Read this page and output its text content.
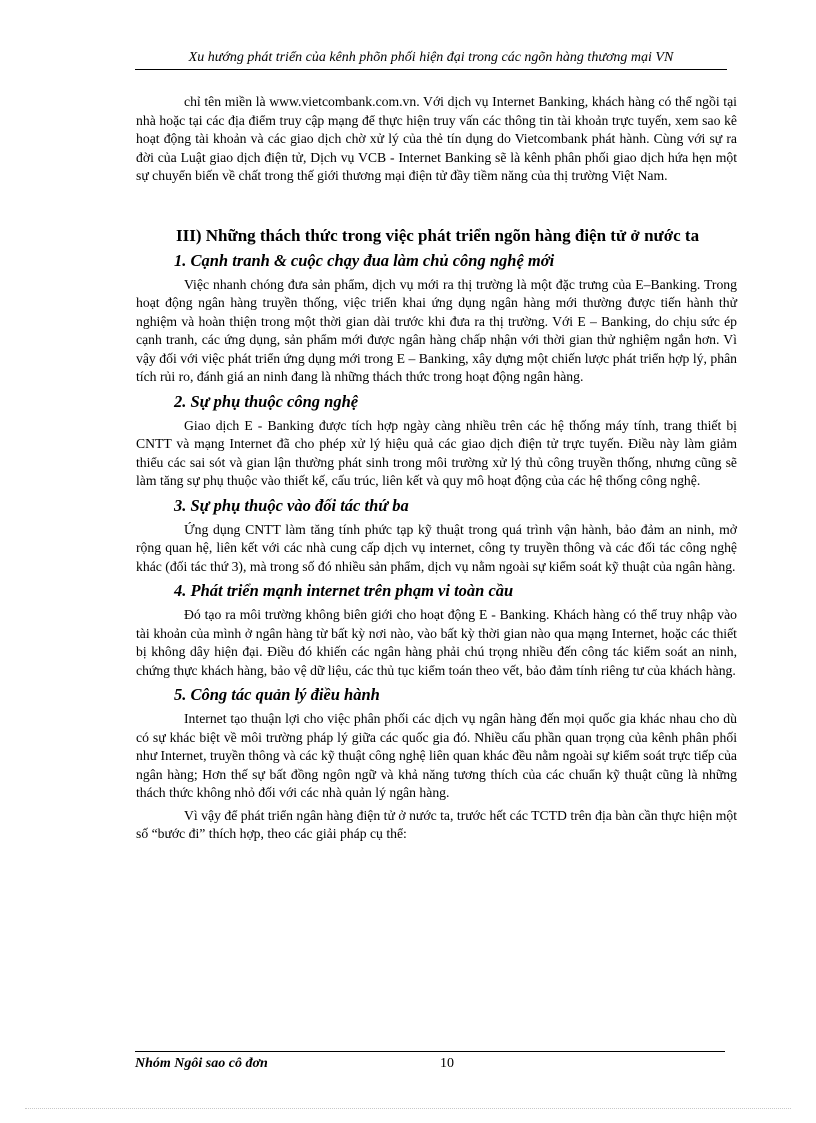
Xu hướng phát triển của kênh phõn phối hiện đại trong các ngõn hàng thương mại VN

chỉ tên miền là www.vietcombank.com.vn. Với dịch vụ Internet Banking, khách hàng có thể ngồi tại nhà hoặc tại các địa điểm truy cập mạng để thực hiện truy vấn các thông tin tài khoản trực tuyến, xem sao kê hoạt động tài khoản và các giao dịch chờ xử lý của thẻ tín dụng do Vietcombank phát hành. Cùng với sự ra đời của Luật giao dịch điện tử, Dịch vụ VCB - Internet Banking sẽ là kênh phân phối giao dịch hứa hẹn một sự chuyển biến về chất trong thế giới thương mại điện tử đầy tiềm năng của thị trường Việt Nam.

III) Những thách thức trong việc phát triển ngõn hàng điện tử ở nước ta
1. Cạnh tranh & cuộc chạy đua làm chủ công nghệ mới

Việc nhanh chóng đưa sản phẩm, dịch vụ mới ra thị trường là một đặc trưng của E–Banking. Trong hoạt động ngân hàng truyền thống, việc triển khai ứng dụng ngân hàng mới thường được tiến hành thử nghiệm và hoàn thiện trong một thời gian dài trước khi đưa ra thị trường. Với E – Banking, do chịu sức ép cạnh tranh, các ứng dụng, sản phẩm mới được ngân hàng chấp nhận với thời gian thử nghiệm ngắn hơn. Vì vậy đối với việc phát triển ứng dụng mới trong E – Banking, xây dựng một chiến lược phát triển hợp lý, phân tích rủi ro, đánh giá an ninh đang là những thách thức trong hoạt động ngân hàng.

2. Sự phụ thuộc công nghệ

Giao dịch E - Banking được tích hợp ngày càng nhiều trên các hệ thống máy tính, trang thiết bị CNTT và mạng Internet đã cho phép xử lý hiệu quả các giao dịch điện tử trực tuyến. Điều này làm giảm thiểu các sai sót và gian lận thường phát sinh trong môi trường xử lý thủ công truyền thống, nhưng cũng sẽ làm tăng sự phụ thuộc vào thiết kế, cấu trúc, liên kết và quy mô hoạt động của các hệ thống công nghệ.

3. Sự phụ thuộc vào đối tác thứ ba

Ứng dụng CNTT làm tăng tính phức tạp kỹ thuật trong quá trình vận hành, bảo đảm an ninh, mở rộng quan hệ, liên kết với các nhà cung cấp dịch vụ internet, công ty truyền thông và các đối tác công nghệ khác (đối tác thứ 3), mà trong số đó nhiều sản phẩm, dịch vụ nằm ngoài sự kiểm soát kỹ thuật của ngân hàng.

4. Phát triển mạnh internet trên phạm vi toàn cầu

Đó tạo ra môi trường không biên giới cho hoạt động E - Banking. Khách hàng có thể truy nhập vào tài khoản của mình ở ngân hàng từ bất kỳ nơi nào, vào bất kỳ thời gian nào qua mạng Internet, hoặc các thiết bị không dây hiện đại. Điều đó khiến các ngân hàng phải chú trọng nhiều đến công tác kiểm soát an ninh, chứng thực khách hàng, bảo vệ dữ liệu, các thủ tục kiểm toán theo vết, bảo đảm tính riêng tư của khách hàng.

5. Công tác quản lý điều hành

Internet tạo thuận lợi cho việc phân phối các dịch vụ ngân hàng đến mọi quốc gia khác nhau cho dù có sự khác biệt về môi trường pháp lý giữa các quốc gia đó. Nhiều cấu phần quan trọng của kênh phân phối như Internet, truyền thông và các kỹ thuật công nghệ liên quan khác đều nằm ngoài sự kiểm soát trực tiếp của ngân hàng; Hơn thế sự bất đồng ngôn ngữ và khả năng tương thích của các chuẩn kỹ thuật cũng là những thách thức không nhỏ đối với các nhà quản lý ngân hàng.

Vì vậy để phát triển ngân hàng điện tử ở nước ta, trước hết các TCTD trên địa bàn cần thực hiện một số “bước đi” thích hợp, theo các giải pháp cụ thể:

Nhóm Ngôi sao cô đơn	10
